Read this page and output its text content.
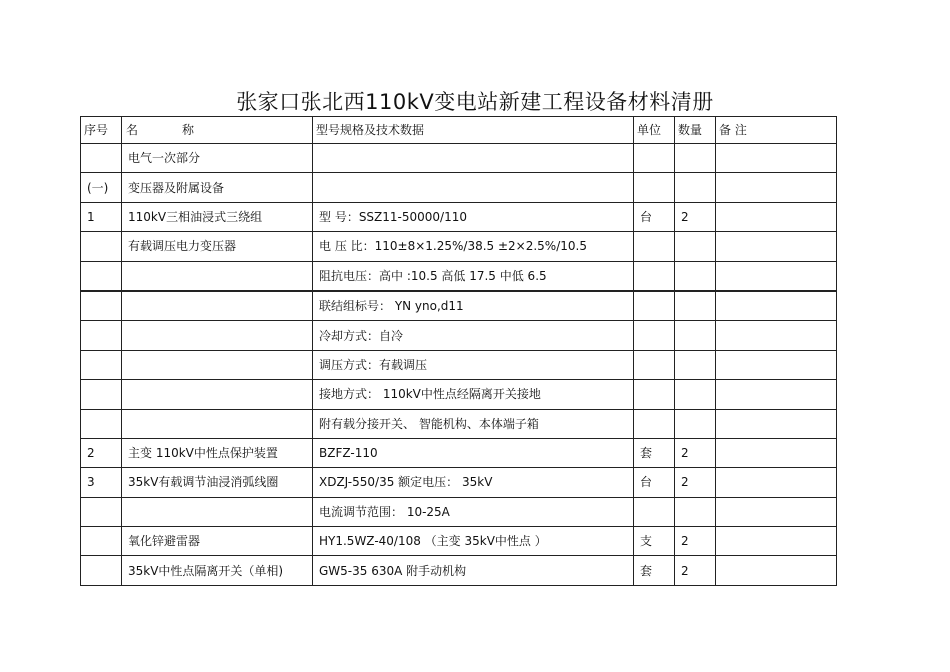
张家口张北西110kV变电站新建工程设备材料清册
序号	名 称	型号规格及技术数据	单位	数量	备 注
	电气一次部分				
(一)	变压器及附属设备				
1	110kV三相油浸式三绕组	型 号：SSZ11-50000/110	台	2	
	有载调压电力变压器	电 压 比：110±8×1.25%/38.5 ±2×2.5%/10.5			
		阻抗电压：高中 :10.5 高低 17.5 中低 6.5			
		联结组标号： YN yno,d11			
		冷却方式：自冷			
		调压方式：有载调压			
		接地方式： 110kV中性点经隔离开关接地			
		附有载分接开关、 智能机构、本体端子箱			
2	主变 110kV中性点保护装置	BZFZ-110	套	2	
3	35kV有载调节油浸消弧线圈	XDZJ-550/35 额定电压： 35kV	台	2	
		电流调节范围： 10-25A			
	氧化锌避雷器	HY1.5WZ-40/108 （主变 35kV中性点 ）	支	2	
	35kV中性点隔离开关（单相)	GW5-35 630A 附手动机构	套	2	
